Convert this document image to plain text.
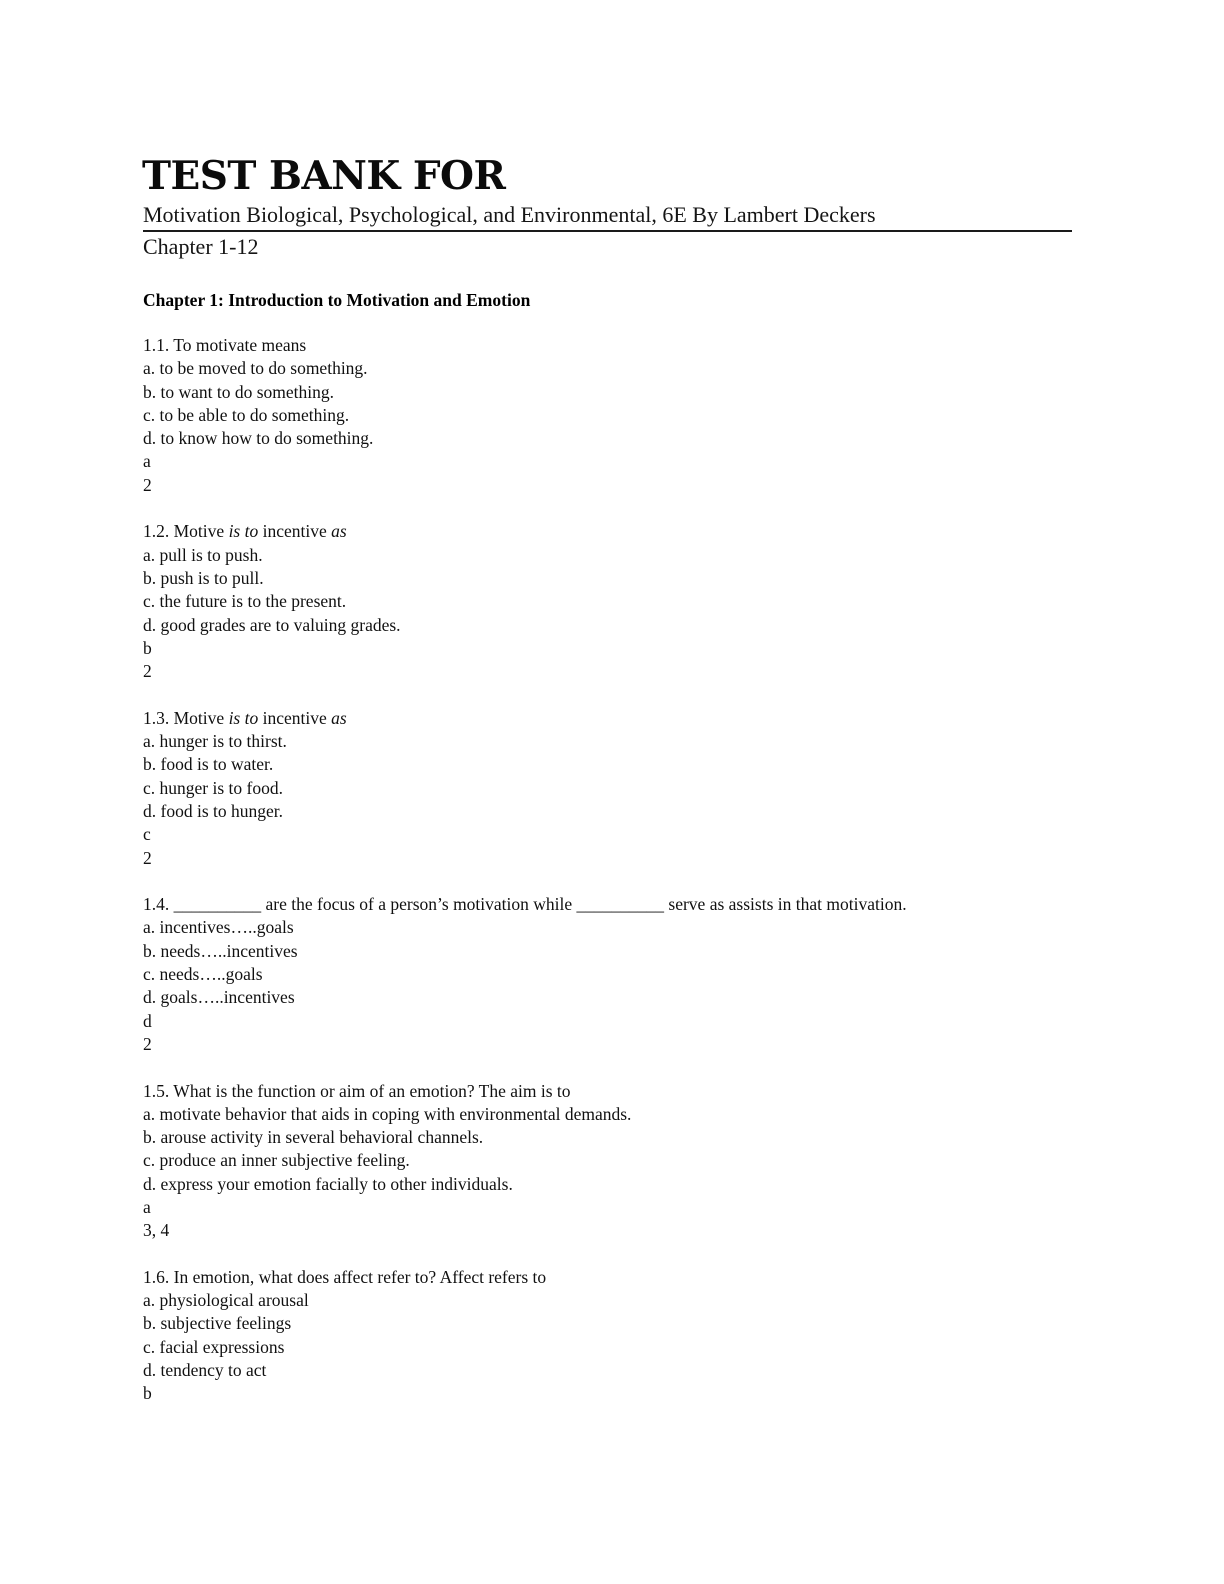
TEST BANK FOR
Motivation Biological, Psychological, and Environmental, 6E By Lambert Deckers
Chapter 1-12
Chapter 1: Introduction to Motivation and Emotion
1.1. To motivate means
a. to be moved to do something.
b. to want to do something.
c. to be able to do something.
d. to know how to do something.
a
2
1.2. Motive is to incentive as
a. pull is to push.
b. push is to pull.
c. the future is to the present.
d. good grades are to valuing grades.
b
2
1.3. Motive is to incentive as
a. hunger is to thirst.
b. food is to water.
c. hunger is to food.
d. food is to hunger.
c
2
1.4. __________ are the focus of a person’s motivation while __________ serve as assists in that motivation.
a. incentives…..goals
b. needs…..incentives
c. needs…..goals
d. goals…..incentives
d
2
1.5. What is the function or aim of an emotion? The aim is to
a. motivate behavior that aids in coping with environmental demands.
b. arouse activity in several behavioral channels.
c. produce an inner subjective feeling.
d. express your emotion facially to other individuals.
a
3, 4
1.6. In emotion, what does affect refer to? Affect refers to
a. physiological arousal
b. subjective feelings
c. facial expressions
d. tendency to act
b
